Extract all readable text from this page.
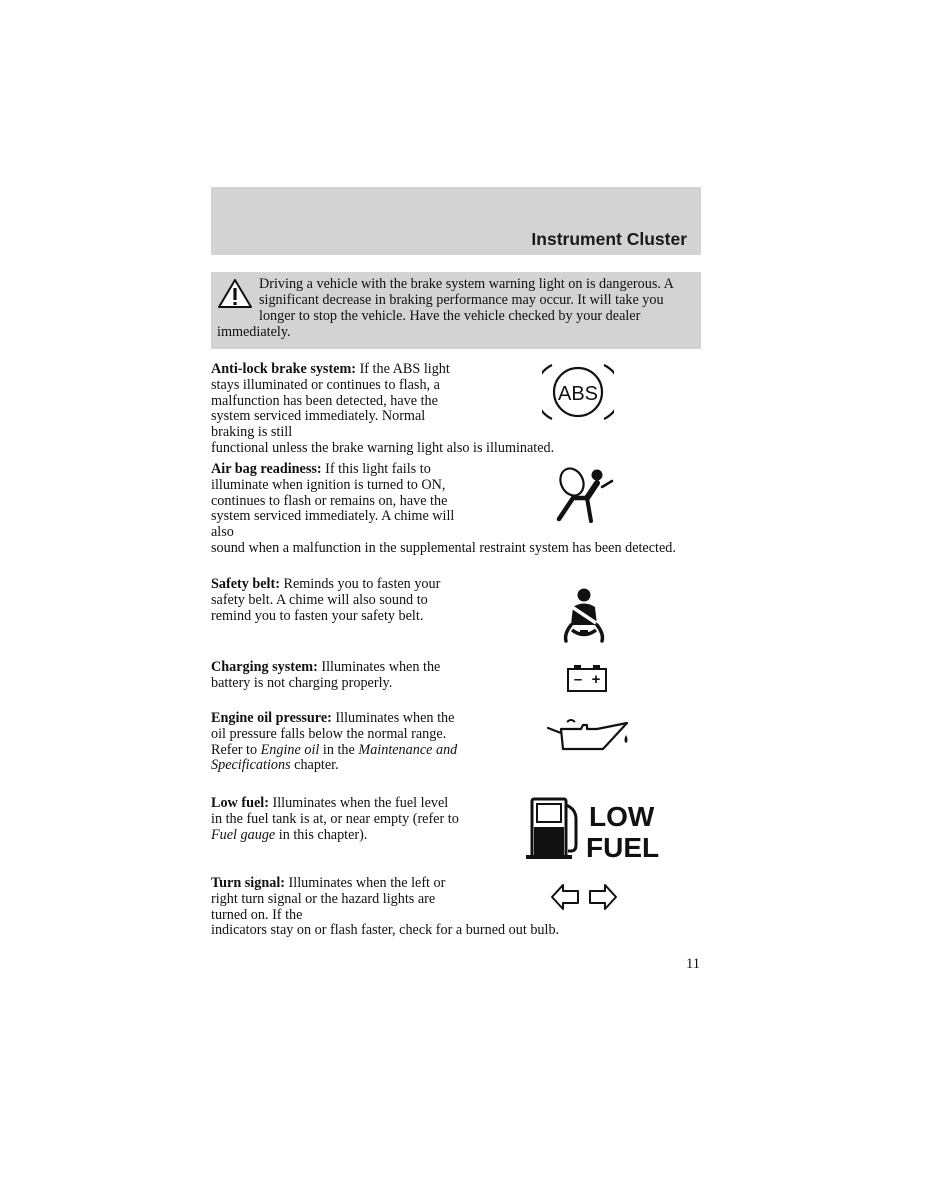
Instrument Cluster
Driving a vehicle with the brake system warning light on is dangerous. A significant decrease in braking performance may occur. It will take you longer to stop the vehicle. Have the vehicle checked by your dealer immediately.
Anti-lock brake system: If the ABS light stays illuminated or continues to flash, a malfunction has been detected, have the system serviced immediately. Normal braking is still
functional unless the brake warning light also is illuminated.
ABS
Air bag readiness: If this light fails to illuminate when ignition is turned to ON, continues to flash or remains on, have the system serviced immediately. A chime will also
sound when a malfunction in the supplemental restraint system has been detected.
Safety belt: Reminds you to fasten your safety belt. A chime will also sound to remind you to fasten your safety belt.
Charging system: Illuminates when the battery is not charging properly.	– +
Engine oil pressure: Illuminates when the oil pressure falls below the normal range. Refer to Engine oil in the Maintenance and Specifications chapter.
Low fuel: Illuminates when the fuel level in the fuel tank is at, or near empty (refer to Fuel gauge in this chapter).
LOW
FUEL
Turn signal: Illuminates when the left or right turn signal or the hazard lights are turned on. If the
indicators stay on or flash faster, check for a burned out bulb.
11
